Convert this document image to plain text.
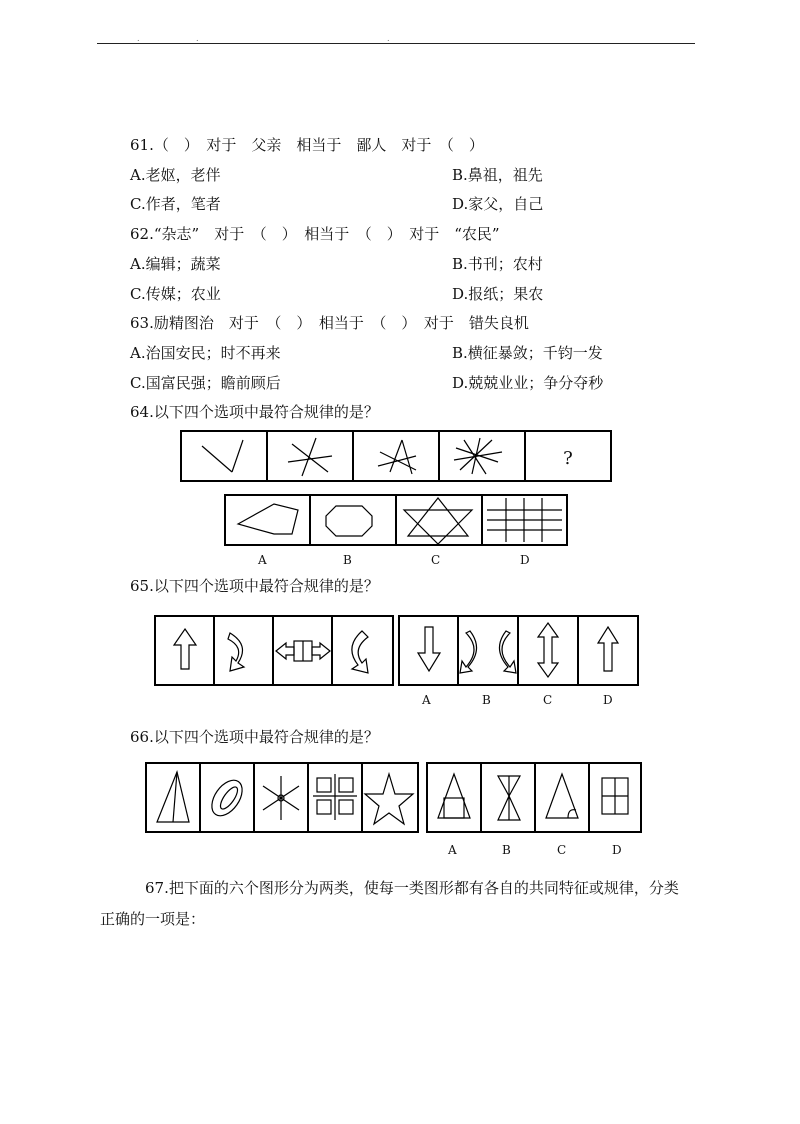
.	.	.
61.（　）　对于　父亲　相当于　鄙人　对于　（　）
A.老妪，老伴	B.鼻祖，祖先
C.作者，笔者	D.家父，自己
62.“杂志”　对于　（　）　相当于　（　）　对于　“农民”
A.编辑；蔬菜	B.书刊；农村
C.传媒；农业	D.报纸；果农
63.励精图治　对于　（　）　相当于　（　）　对于　错失良机
A.治国安民；时不再来	B.横征暴敛；千钧一发
C.国富民强；瞻前顾后	D.兢兢业业；争分夺秒
64.以下四个选项中最符合规律的是？
?
A	B	C	D
65.以下四个选项中最符合规律的是？
A	B	C	D
66.以下四个选项中最符合规律的是？
A	B	C	D
67.把下面的六个图形分为两类，使每一类图形都有各自的共同特征或规律，分类
正确的一项是：
